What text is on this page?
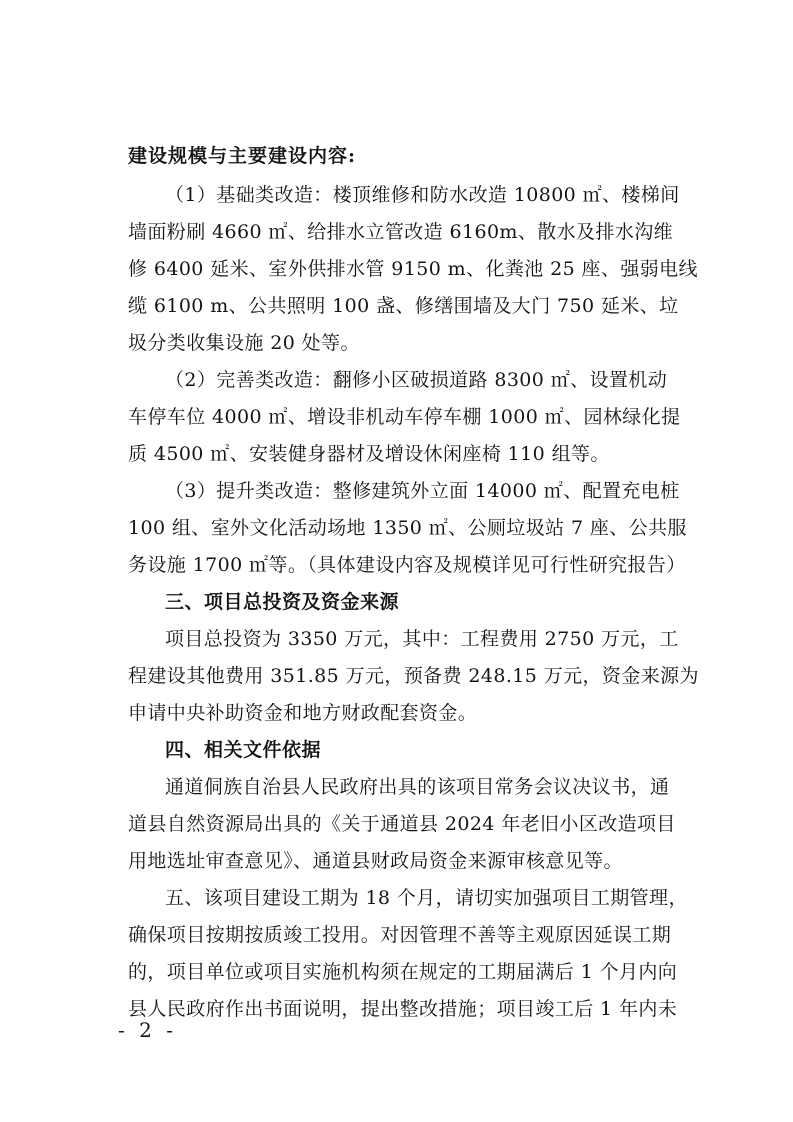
建设规模与主要建设内容:
（1）基础类改造：楼顶维修和防水改造 10800 ㎡、楼梯间
墙面粉刷 4660 ㎡、给排水立管改造 6160m、散水及排水沟维
修 6400 延米、室外供排水管 9150 m、化粪池 25 座、强弱电线
缆 6100 m、公共照明 100 盏、修缮围墙及大门 750 延米、垃
圾分类收集设施 20 处等。
（2）完善类改造：翻修小区破损道路 8300 ㎡、设置机动
车停车位 4000 ㎡、增设非机动车停车棚 1000 ㎡、园林绿化提
质 4500 ㎡、安装健身器材及增设休闲座椅 110 组等。
（3）提升类改造：整修建筑外立面 14000 ㎡、配置充电桩
100 组、室外文化活动场地 1350 ㎡、公厕垃圾站 7 座、公共服
务设施 1700 ㎡等。（具体建设内容及规模详见可行性研究报告）
三、项目总投资及资金来源
项目总投资为 3350 万元，其中：工程费用 2750 万元，工
程建设其他费用 351.85 万元，预备费 248.15 万元，资金来源为
申请中央补助资金和地方财政配套资金。
四、相关文件依据
通道侗族自治县人民政府出具的该项目常务会议决议书，通
道县自然资源局出具的《关于通道县 2024 年老旧小区改造项目
用地选址审查意见》、通道县财政局资金来源审核意见等。
五、该项目建设工期为 18 个月，请切实加强项目工期管理，
确保项目按期按质竣工投用。对因管理不善等主观原因延误工期
的，项目单位或项目实施机构须在规定的工期届满后 1 个月内向
县人民政府作出书面说明，提出整改措施；项目竣工后 1 年内未
- 2 -
